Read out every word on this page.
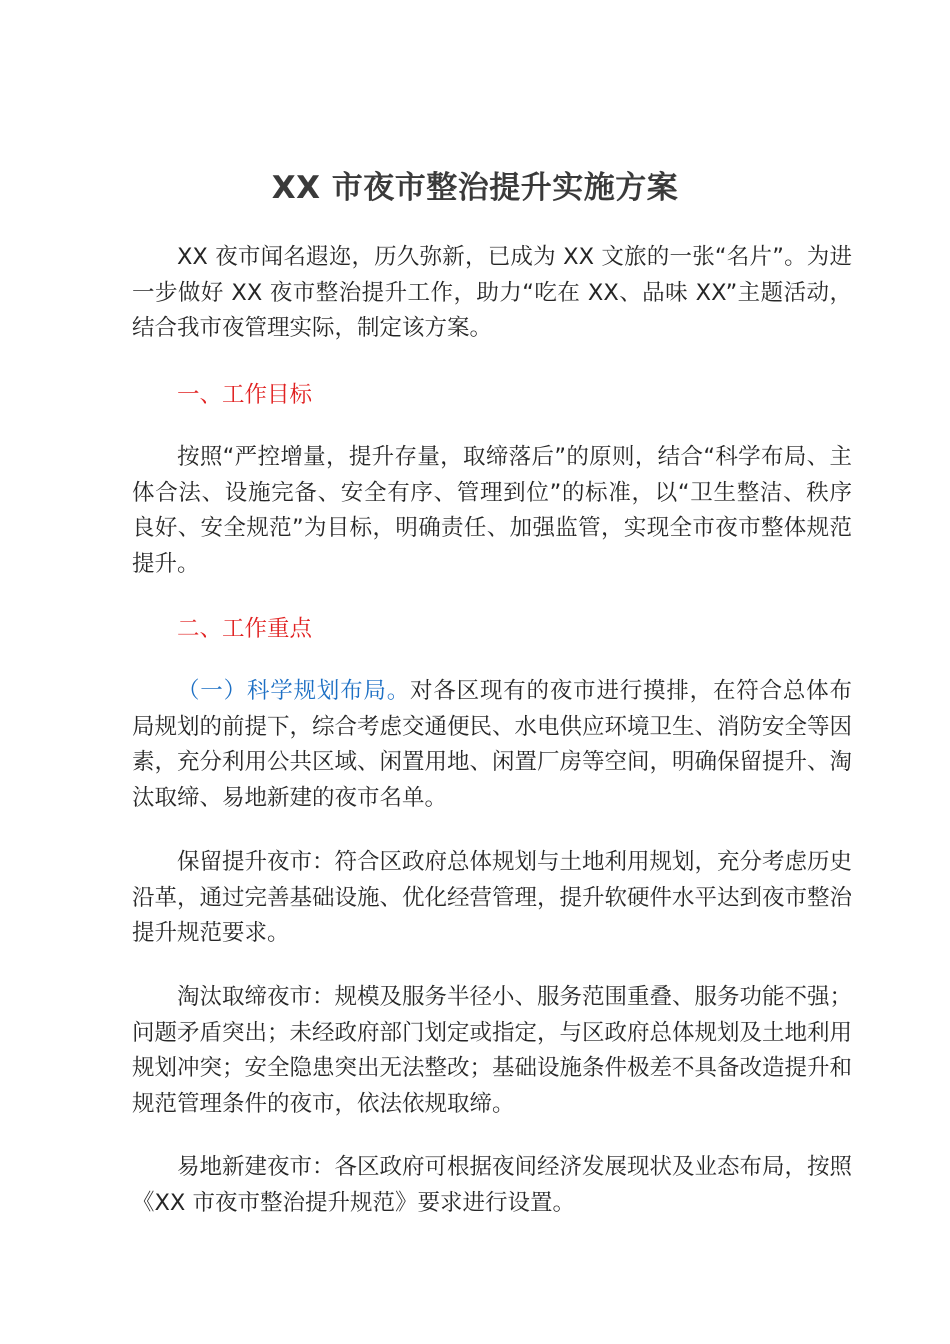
XX 市夜市整治提升实施方案

XX 夜市闻名遐迩，历久弥新，已成为 XX 文旅的一张“名片”。为进一步做好 XX 夜市整治提升工作，助力“吃在 XX、品味 XX”主题活动，结合我市夜管理实际，制定该方案。

一、工作目标

按照“严控增量，提升存量，取缔落后”的原则，结合“科学布局、主体合法、设施完备、安全有序、管理到位”的标准，以“卫生整洁、秩序良好、安全规范”为目标，明确责任、加强监管，实现全市夜市整体规范提升。

二、工作重点

（一）科学规划布局。对各区现有的夜市进行摸排，在符合总体布局规划的前提下，综合考虑交通便民、水电供应环境卫生、消防安全等因素，充分利用公共区域、闲置用地、闲置厂房等空间，明确保留提升、淘汰取缔、易地新建的夜市名单。

保留提升夜市：符合区政府总体规划与土地利用规划，充分考虑历史沿革，通过完善基础设施、优化经营管理，提升软硬件水平达到夜市整治提升规范要求。

淘汰取缔夜市：规模及服务半径小、服务范围重叠、服务功能不强；问题矛盾突出；未经政府部门划定或指定，与区政府总体规划及土地利用规划冲突；安全隐患突出无法整改；基础设施条件极差不具备改造提升和规范管理条件的夜市，依法依规取缔。

易地新建夜市：各区政府可根据夜间经济发展现状及业态布局，按照《XX 市夜市整治提升规范》要求进行设置。
